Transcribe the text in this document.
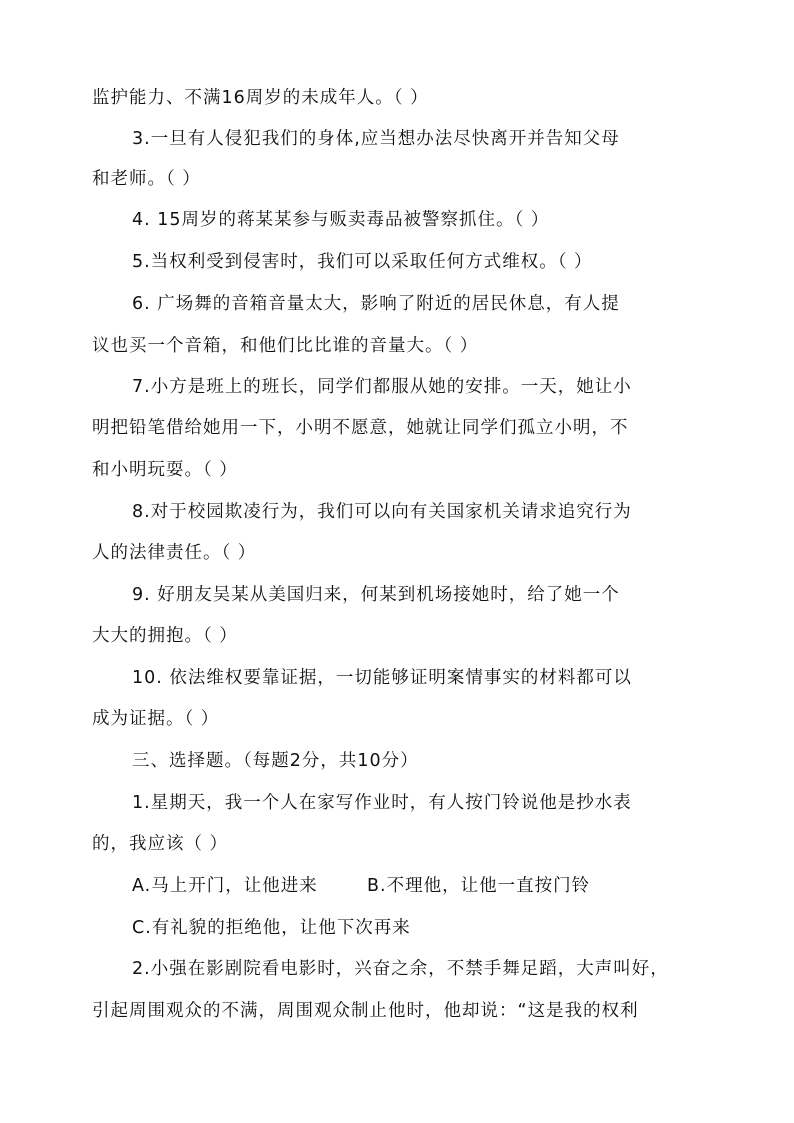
监护能力、不满16周岁的未成年人。（ ）
3.一旦有人侵犯我们的身体,应当想办法尽快离开并告知父母
和老师。（ ）
4. 15周岁的蒋某某参与贩卖毒品被警察抓住。（ ）
5.当权利受到侵害时，我们可以采取任何方式维权。（ ）
6. 广场舞的音箱音量太大，影响了附近的居民休息，有人提
议也买一个音箱，和他们比比谁的音量大。（ ）
7.小方是班上的班长，同学们都服从她的安排。一天，她让小
明把铅笔借给她用一下，小明不愿意，她就让同学们孤立小明，不
和小明玩耍。（ ）
8.对于校园欺凌行为，我们可以向有关国家机关请求追究行为
人的法律责任。（ ）
9. 好朋友吴某从美国归来，何某到机场接她时，给了她一个
大大的拥抱。（ ）
10. 依法维权要靠证据，一切能够证明案情事实的材料都可以
成为证据。（ ）
三、选择题。（每题2分，共10分）
1.星期天，我一个人在家写作业时，有人按门铃说他是抄水表
的，我应该（ ）
A.马上开门，让他进来	B.不理他，让他一直按门铃
C.有礼貌的拒绝他，让他下次再来
2.小强在影剧院看电影时，兴奋之余，不禁手舞足蹈，大声叫好，
引起周围观众的不满，周围观众制止他时，他却说：“这是我的权利
